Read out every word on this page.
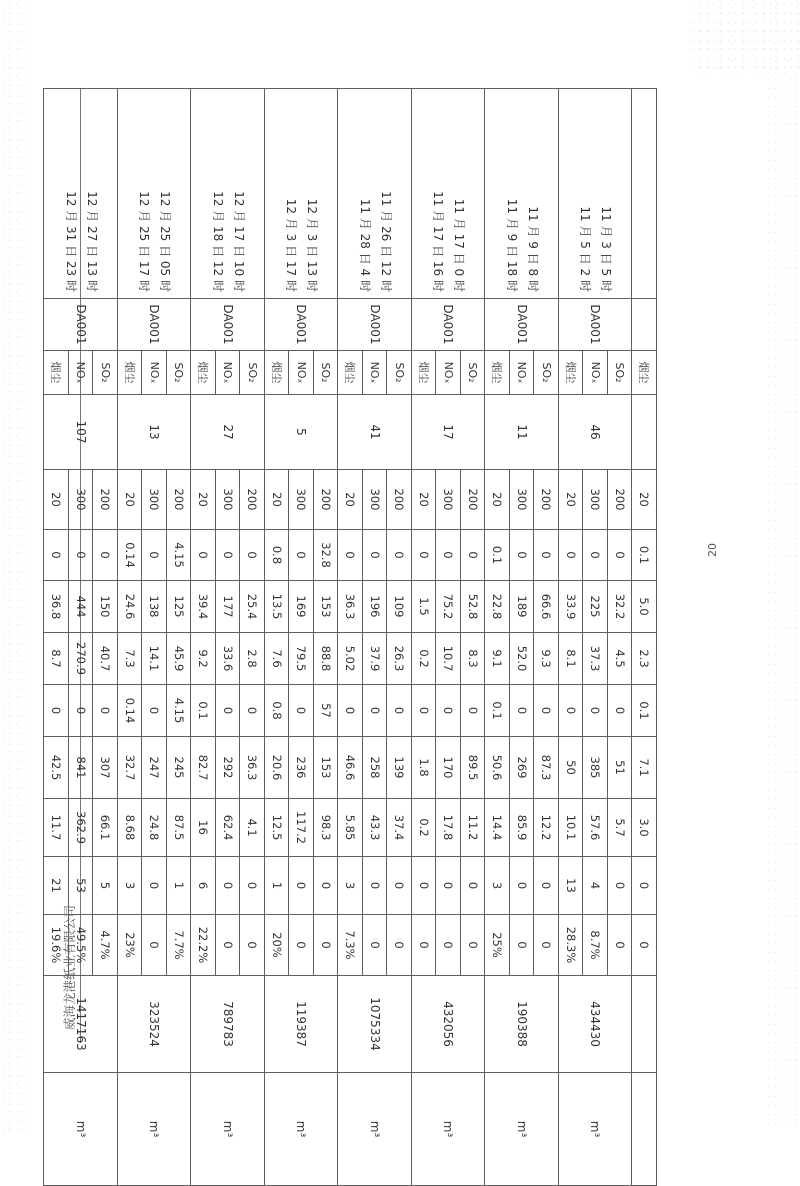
威海龙港纸业有限公司
20
		烟尘		20	0.1	5.0	2.3	0.1	7.1	3.0	0	0		

11 月 3 日 5 时
11 月 5 日 2 时	DA001	SO₂	46	200	0	32.2	4.5	0	51	5.7	0	0	434430	m³
		NOₓ		300	0	225	37.3	0	385	57.6	4	8.7%		
		烟尘		20	0	33.9	8.1	0	50	10.1	13	28.3%		

11 月 9 日 8 时
11 月 9 日 18 时	DA001	SO₂	11	200	0	66.6	9.3	0	87.3	12.2	0	0	190388	m³
		NOₓ		300	0	189	52.0	0	269	85.9	0	0		
		烟尘		20	0.1	22.8	9.1	0.1	50.6	14.4	3	25%		

11 月 17 日 0 时
11 月 17 日 16 时	DA001	SO₂	17	200	0	52.8	8.3	0	89.5	11.2	0	0	432056	m³
		NOₓ		300	0	75.2	10.7	0	170	17.8	0	0		
		烟尘		20	0	1.5	0.2	0	1.8	0.2	0	0		

11 月 26 日 12 时
11 月 28 日 4 时	DA001	SO₂	41	200	0	109	26.3	0	139	37.4	0	0	1075334	m³
		NOₓ		300	0	196	37.9	0	258	43.3	0	0		
		烟尘		20	0	36.3	5.02	0	46.6	5.85	3	7.3%		

12 月 3 日 13 时
12 月 3 日 17 时	DA001	SO₂	5	200	32.8	153	88.8	57	153	98.3	0	0	119387	m³
		NOₓ		300	0	169	79.5	0	236	117.2	0	0		
		烟尘		20	0.8	13.5	7.6	0.8	20.6	12.5	1	20%		

12 月 17 日 10 时
12 月 18 日 12 时	DA001	SO₂	27	200	0	25.4	2.8	0	36.3	4.1	0	0	789783	m³
		NOₓ		300	0	177	33.6	0	292	62.4	0	0		
		烟尘		20	0	39.4	9.2	0.1	82.7	16	6	22.2%		

12 月 25 日 05 时
12 月 25 日 17 时	DA001	SO₂	13	200	4.15	125	45.9	4.15	245	87.5	1	7.7%	323524	m³
		NOₓ		300	0	138	14.1	0	247	24.8	0	0		
		烟尘		20	0.14	24.6	7.3	0.14	32.7	8.68	3	23%		

12 月 27 日 13 时
12 月 31 日 23 时	DA001	SO₂	107	200	0	150	40.7	0	307	66.1	5	4.7%	1417163	m³
		NOₓ		300	0	444	270.9	0	841	362.9	53	49.5%		
		烟尘		20	0	36.8	8.7	0	42.5	11.7	21	19.6%		
